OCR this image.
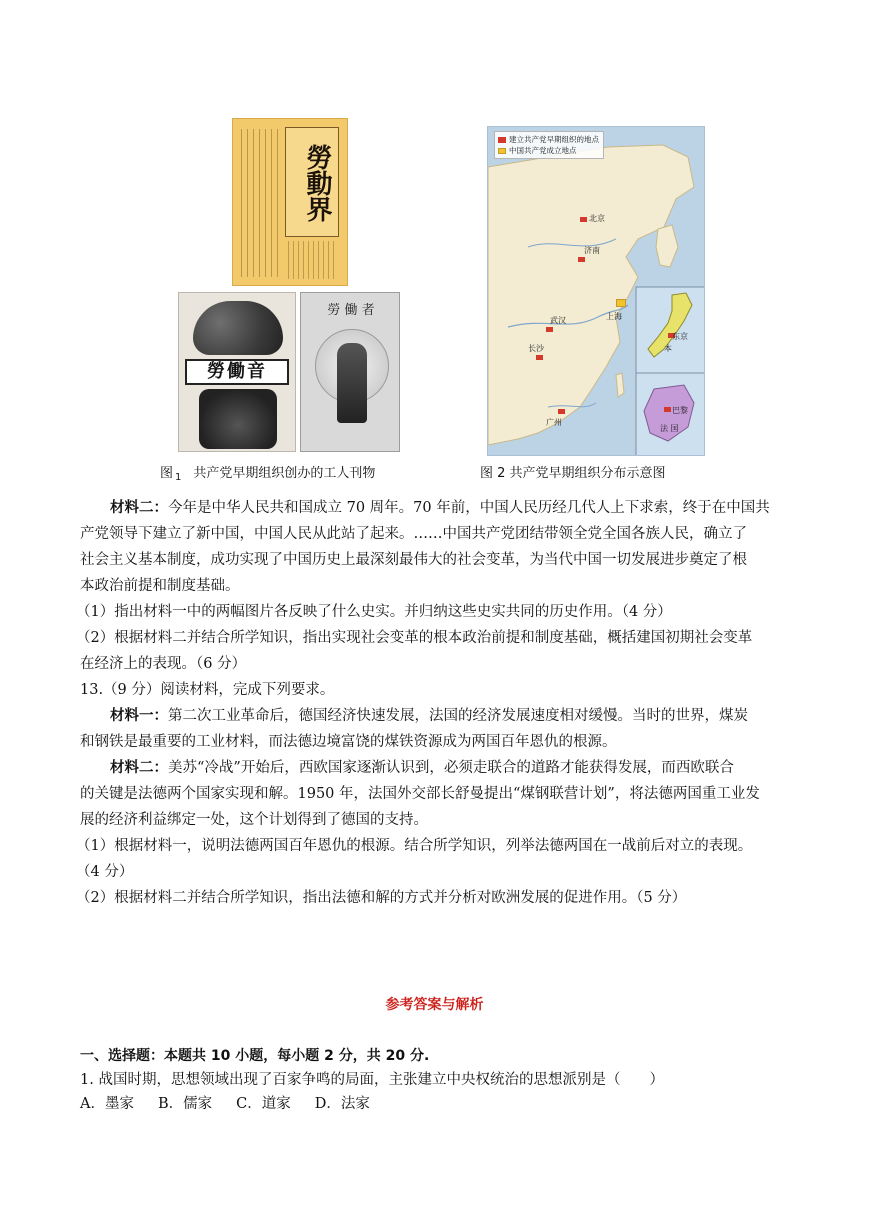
勞動界
勞働音
勞 働 者
图 $_1$ 共产党早期组织创办的工人刊物
建立共产党早期组织的地点
中国共产党成立地点
北京
济南
上海
武汉
长沙
广州
东京
本
巴黎
法 国
图 2 共产党早期组织分布示意图
材料二：今年是中华人民共和国成立 70 周年。70 年前，中国人民历经几代人上下求索，终于在中国共
产党领导下建立了新中国，中国人民从此站了起来。……中国共产党团结带领全党全国各族人民，确立了
社会主义基本制度，成功实现了中国历史上最深刻最伟大的社会变革，为当代中国一切发展进步奠定了根
本政治前提和制度基础。
（1）指出材料一中的两幅图片各反映了什么史实。并归纳这些史实共同的历史作用。（4 分）
（2）根据材料二并结合所学知识，指出实现社会变革的根本政治前提和制度基础，概括建国初期社会变革
在经济上的表现。（6 分）
13.（9 分）阅读材料，完成下列要求。
材料一：第二次工业革命后，德国经济快速发展，法国的经济发展速度相对缓慢。当时的世界，煤炭
和钢铁是最重要的工业材料，而法德边境富饶的煤铁资源成为两国百年恩仇的根源。
材料二：美苏“冷战”开始后，西欧国家逐渐认识到，必须走联合的道路才能获得发展，而西欧联合
的关键是法德两个国家实现和解。1950 年，法国外交部长舒曼提出“煤钢联营计划”，将法德两国重工业发
展的经济利益绑定一处，这个计划得到了德国的支持。
（1）根据材料一，说明法德两国百年恩仇的根源。结合所学知识，列举法德两国在一战前后对立的表现。
（4 分）
（2）根据材料二并结合所学知识，指出法德和解的方式并分析对欧洲发展的促进作用。（5 分）
参考答案与解析
一、选择题：本题共 10 小题，每小题 2 分，共 20 分.
1. 战国时期，思想领域出现了百家争鸣的局面，主张建立中央权统治的思想派别是（　　）
A．墨家 B．儒家 C．道家 D．法家
